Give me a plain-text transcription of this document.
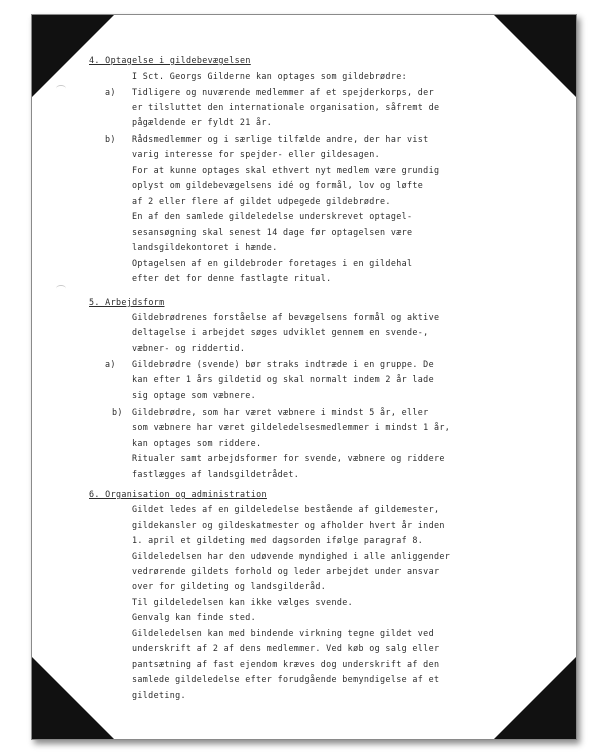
4. Optagelse i gildebevægelsen
I Sct. Georgs Gilderne kan optages som gildebrødre:
a) Tidligere og nuværende medlemmer af et spejderkorps, der
er tilsluttet den internationale organisation, såfremt de
pågældende er fyldt 21 år.
b) Rådsmedlemmer og i særlige tilfælde andre, der har vist
varig interesse for spejder- eller gildesagen.
For at kunne optages skal ethvert nyt medlem være grundig
oplyst om gildebevægelsens idé og formål, lov og løfte
af 2 eller flere af gildet udpegede gildebrødre.
En af den samlede gildeledelse underskrevet optagel-
sesansøgning skal senest 14 dage før optagelsen være
landsgildekontoret i hænde.
Optagelsen af en gildebroder foretages i en gildehal
efter det for denne fastlagte ritual.
5. Arbejdsform
Gildebrødrenes forståelse af bevægelsens formål og aktive
deltagelse i arbejdet søges udviklet gennem en svende-,
væbner- og riddertid.
a) Gildebrødre (svende) bør straks indtræde i en gruppe. De
kan efter 1 års gildetid og skal normalt indem 2 år lade
sig optage som væbnere.
b) Gildebrødre, som har været væbnere i mindst 5 år, eller
som væbnere har været gildeledelsesmedlemmer i mindst 1 år,
kan optages som riddere.
Ritualer samt arbejdsformer for svende, væbnere og riddere
fastlægges af landsgildetrådet.
6. Organisation og administration
Gildet ledes af en gildeledelse bestående af gildemester,
gildekansler og gildeskatmester og afholder hvert år inden
1. april et gildeting med dagsorden ifølge paragraf 8.
Gildeledelsen har den udøvende myndighed i alle anliggender
vedrørende gildets forhold og leder arbejdet under ansvar
over for gildeting og landsgilderåd.
Til gildeledelsen kan ikke vælges svende.
Genvalg kan finde sted.
Gildeledelsen kan med bindende virkning tegne gildet ved
underskrift af 2 af dens medlemmer. Ved køb og salg eller
pantsætning af fast ejendom kræves dog underskrift af den
samlede gildeledelse efter forudgående bemyndigelse af et
gildeting.
